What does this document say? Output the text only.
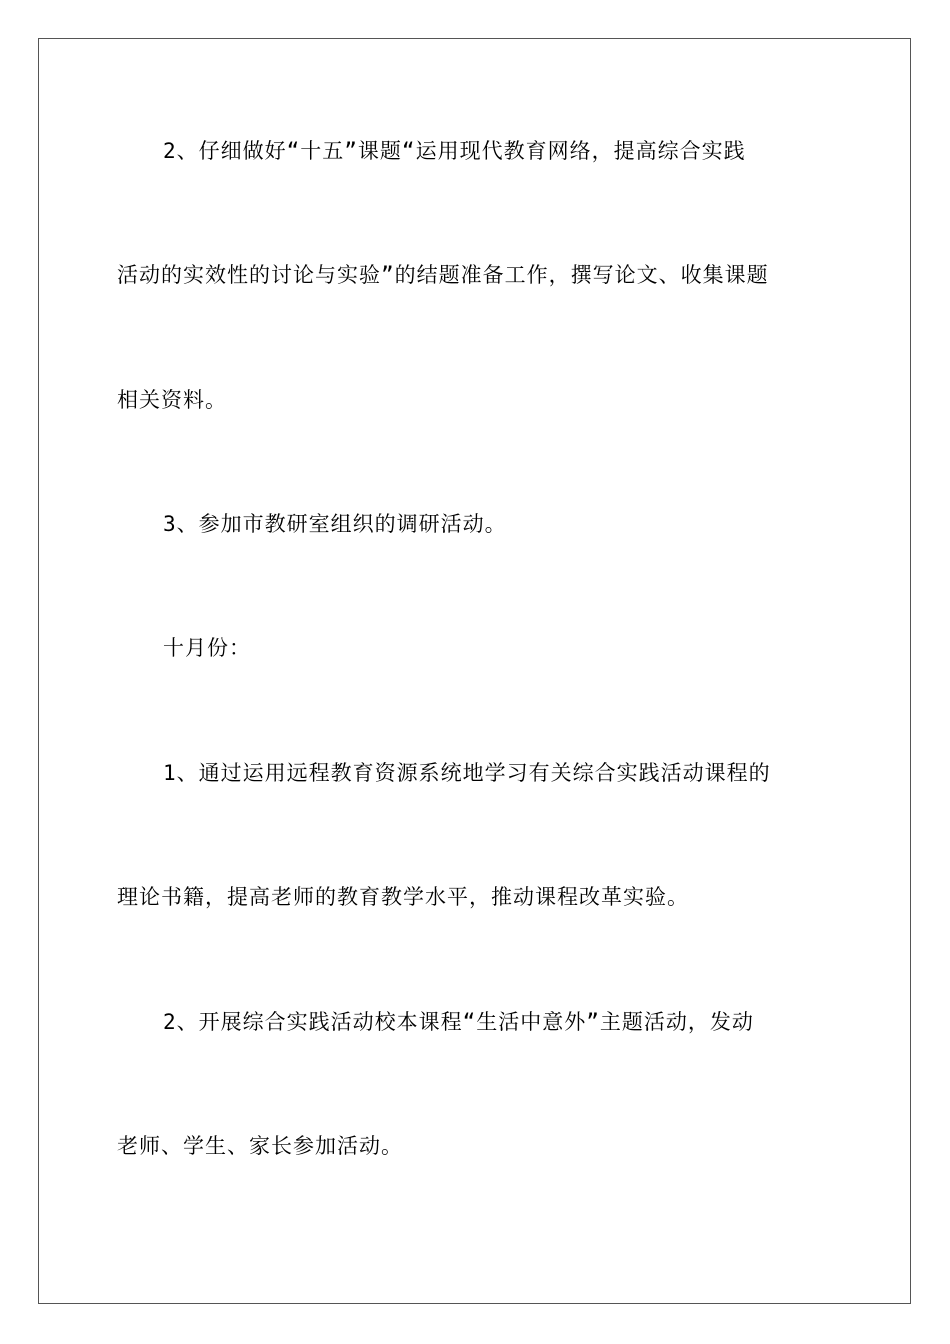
2、仔细做好“十五”课题“运用现代教育网络，提高综合实践
活动的实效性的讨论与实验”的结题准备工作，撰写论文、收集课题
相关资料。
3、参加市教研室组织的调研活动。
十月份：
1、通过运用远程教育资源系统地学习有关综合实践活动课程的
理论书籍，提高老师的教育教学水平，推动课程改革实验。
2、开展综合实践活动校本课程“生活中意外”主题活动，发动
老师、学生、家长参加活动。
